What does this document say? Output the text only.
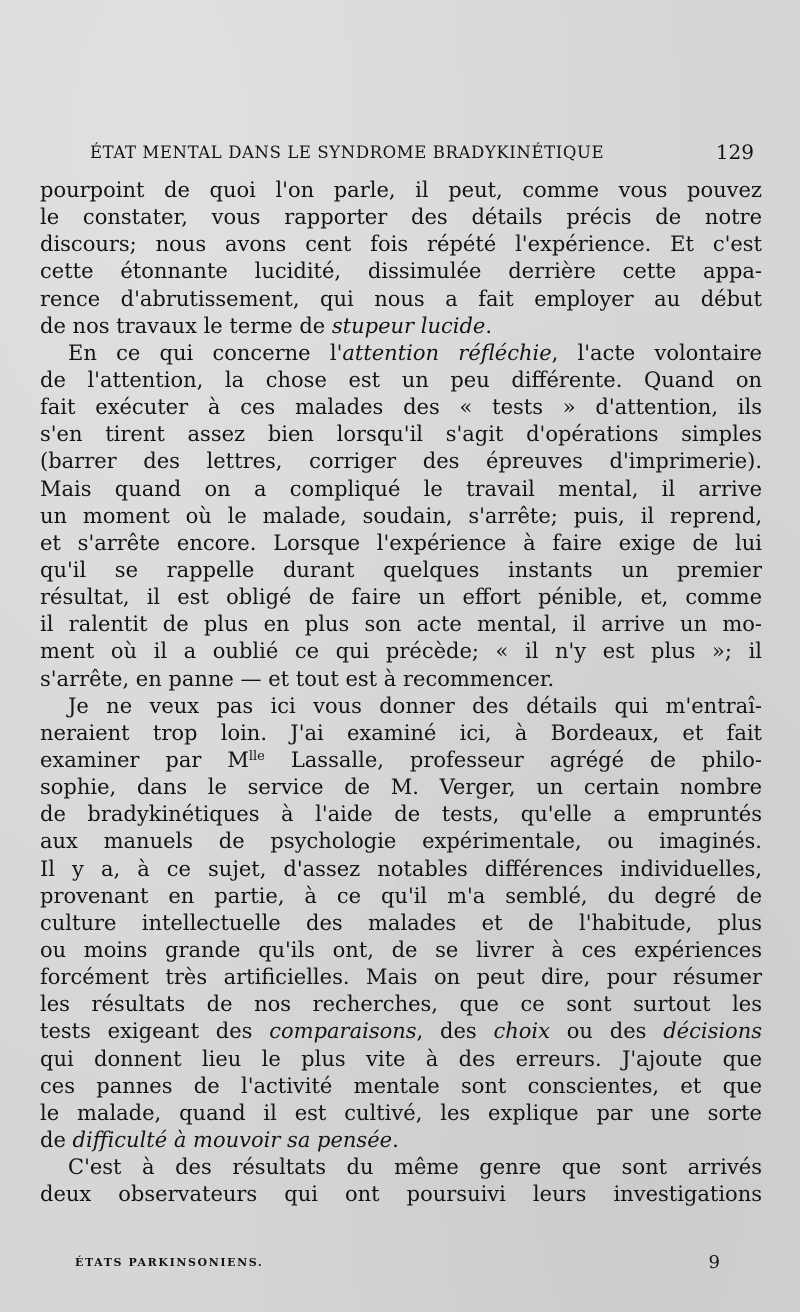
ÉTAT MENTAL DANS LE SYNDROME BRADYKINÉTIQUE	129
pourpoint de quoi l'on parle, il peut, comme vous pouvez
le constater, vous rapporter des détails précis de notre
discours; nous avons cent fois répété l'expérience. Et c'est
cette étonnante lucidité, dissimulée derrière cette appa-
rence d'abrutissement, qui nous a fait employer au début
de nos travaux le terme de stupeur lucide.
En ce qui concerne l'attention réfléchie, l'acte volontaire
de l'attention, la chose est un peu différente. Quand on
fait exécuter à ces malades des « tests » d'attention, ils
s'en tirent assez bien lorsqu'il s'agit d'opérations simples
(barrer des lettres, corriger des épreuves d'imprimerie).
Mais quand on a compliqué le travail mental, il arrive
un moment où le malade, soudain, s'arrête; puis, il reprend,
et s'arrête encore. Lorsque l'expérience à faire exige de lui
qu'il se rappelle durant quelques instants un premier
résultat, il est obligé de faire un effort pénible, et, comme
il ralentit de plus en plus son acte mental, il arrive un mo-
ment où il a oublié ce qui précède; « il n'y est plus »; il
s'arrête, en panne — et tout est à recommencer.
Je ne veux pas ici vous donner des détails qui m'entraî-
neraient trop loin. J'ai examiné ici, à Bordeaux, et fait
examiner par $M^{lle}$ Lassalle, professeur agrégé de philo-
sophie, dans le service de M. Verger, un certain nombre
de bradykinétiques à l'aide de tests, qu'elle a empruntés
aux manuels de psychologie expérimentale, ou imaginés.
Il y a, à ce sujet, d'assez notables différences individuelles,
provenant en partie, à ce qu'il m'a semblé, du degré de
culture intellectuelle des malades et de l'habitude, plus
ou moins grande qu'ils ont, de se livrer à ces expériences
forcément très artificielles. Mais on peut dire, pour résumer
les résultats de nos recherches, que ce sont surtout les
tests exigeant des comparaisons, des choix ou des décisions
qui donnent lieu le plus vite à des erreurs. J'ajoute que
ces pannes de l'activité mentale sont conscientes, et que
le malade, quand il est cultivé, les explique par une sorte
de difficulté à mouvoir sa pensée.
C'est à des résultats du même genre que sont arrivés
deux observateurs qui ont poursuivi leurs investigations
ÉTATS PARKINSONIENS.	9
